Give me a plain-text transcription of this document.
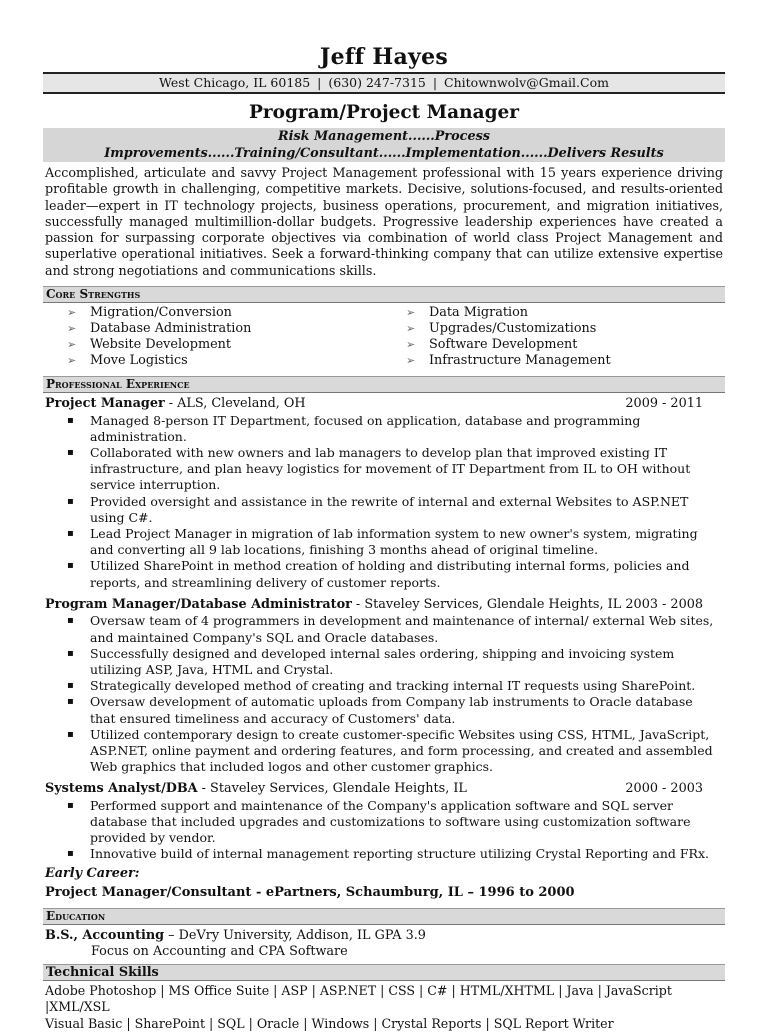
Jeff Hayes
West Chicago, IL 60185 | (630) 247-7315 | Chitownwolv@Gmail.Com
Program/Project Manager
Risk Management......Process Improvements......Training/Consultant......Implementation......Delivers Results
Accomplished, articulate and savvy Project Management professional with 15 years experience driving profitable growth in challenging, competitive markets. Decisive, solutions-focused, and results-oriented leader—expert in IT technology projects, business operations, procurement, and migration initiatives, successfully managed multimillion-dollar budgets. Progressive leadership experiences have created a passion for surpassing corporate objectives via combination of world class Project Management and superlative operational initiatives. Seek a forward-thinking company that can utilize extensive expertise and strong negotiations and communications skills.
Core Strengths
➢ Migration/Conversion
➢ Database Administration
➢ Website Development
➢ Move Logistics
➢ Data Migration
➢ Upgrades/Customizations
➢ Software Development
➢ Infrastructure Management
Professional Experience
Project Manager - ALS, Cleveland, OH	2009 - 2011
▪ Managed 8-person IT Department, focused on application, database and programming administration.
▪ Collaborated with new owners and lab managers to develop plan that improved existing IT infrastructure, and plan heavy logistics for movement of IT Department from IL to OH without service interruption.
▪ Provided oversight and assistance in the rewrite of internal and external Websites to ASP.NET using C#.
▪ Lead Project Manager in migration of lab information system to new owner's system, migrating and converting all 9 lab locations, finishing 3 months ahead of original timeline.
▪ Utilized SharePoint in method creation of holding and distributing internal forms, policies and reports, and streamlining delivery of customer reports.
Program Manager/Database Administrator - Staveley Services, Glendale Heights, IL 2003 - 2008
▪ Oversaw team of 4 programmers in development and maintenance of internal/ external Web sites, and maintained Company's SQL and Oracle databases.
▪ Successfully designed and developed internal sales ordering, shipping and invoicing system utilizing ASP, Java, HTML and Crystal.
▪ Strategically developed method of creating and tracking internal IT requests using SharePoint.
▪ Oversaw development of automatic uploads from Company lab instruments to Oracle database that ensured timeliness and accuracy of Customers' data.
▪ Utilized contemporary design to create customer-specific Websites using CSS, HTML, JavaScript, ASP.NET, online payment and ordering features, and form processing, and created and assembled Web graphics that included logos and other customer graphics.
Systems Analyst/DBA - Staveley Services, Glendale Heights, IL	2000 - 2003
▪ Performed support and maintenance of the Company's application software and SQL server database that included upgrades and customizations to software using customization software provided by vendor.
▪ Innovative build of internal management reporting structure utilizing Crystal Reporting and FRx.
Early Career:
Project Manager/Consultant - ePartners, Schaumburg, IL – 1996 to 2000
Education
B.S., Accounting – DeVry University, Addison, IL GPA 3.9
Focus on Accounting and CPA Software
Technical Skills
Adobe Photoshop | MS Office Suite | ASP | ASP.NET | CSS | C# | HTML/XHTML | Java | JavaScript |XML/XSL
Visual Basic | SharePoint | SQL | Oracle | Windows | Crystal Reports | SQL Report Writer
